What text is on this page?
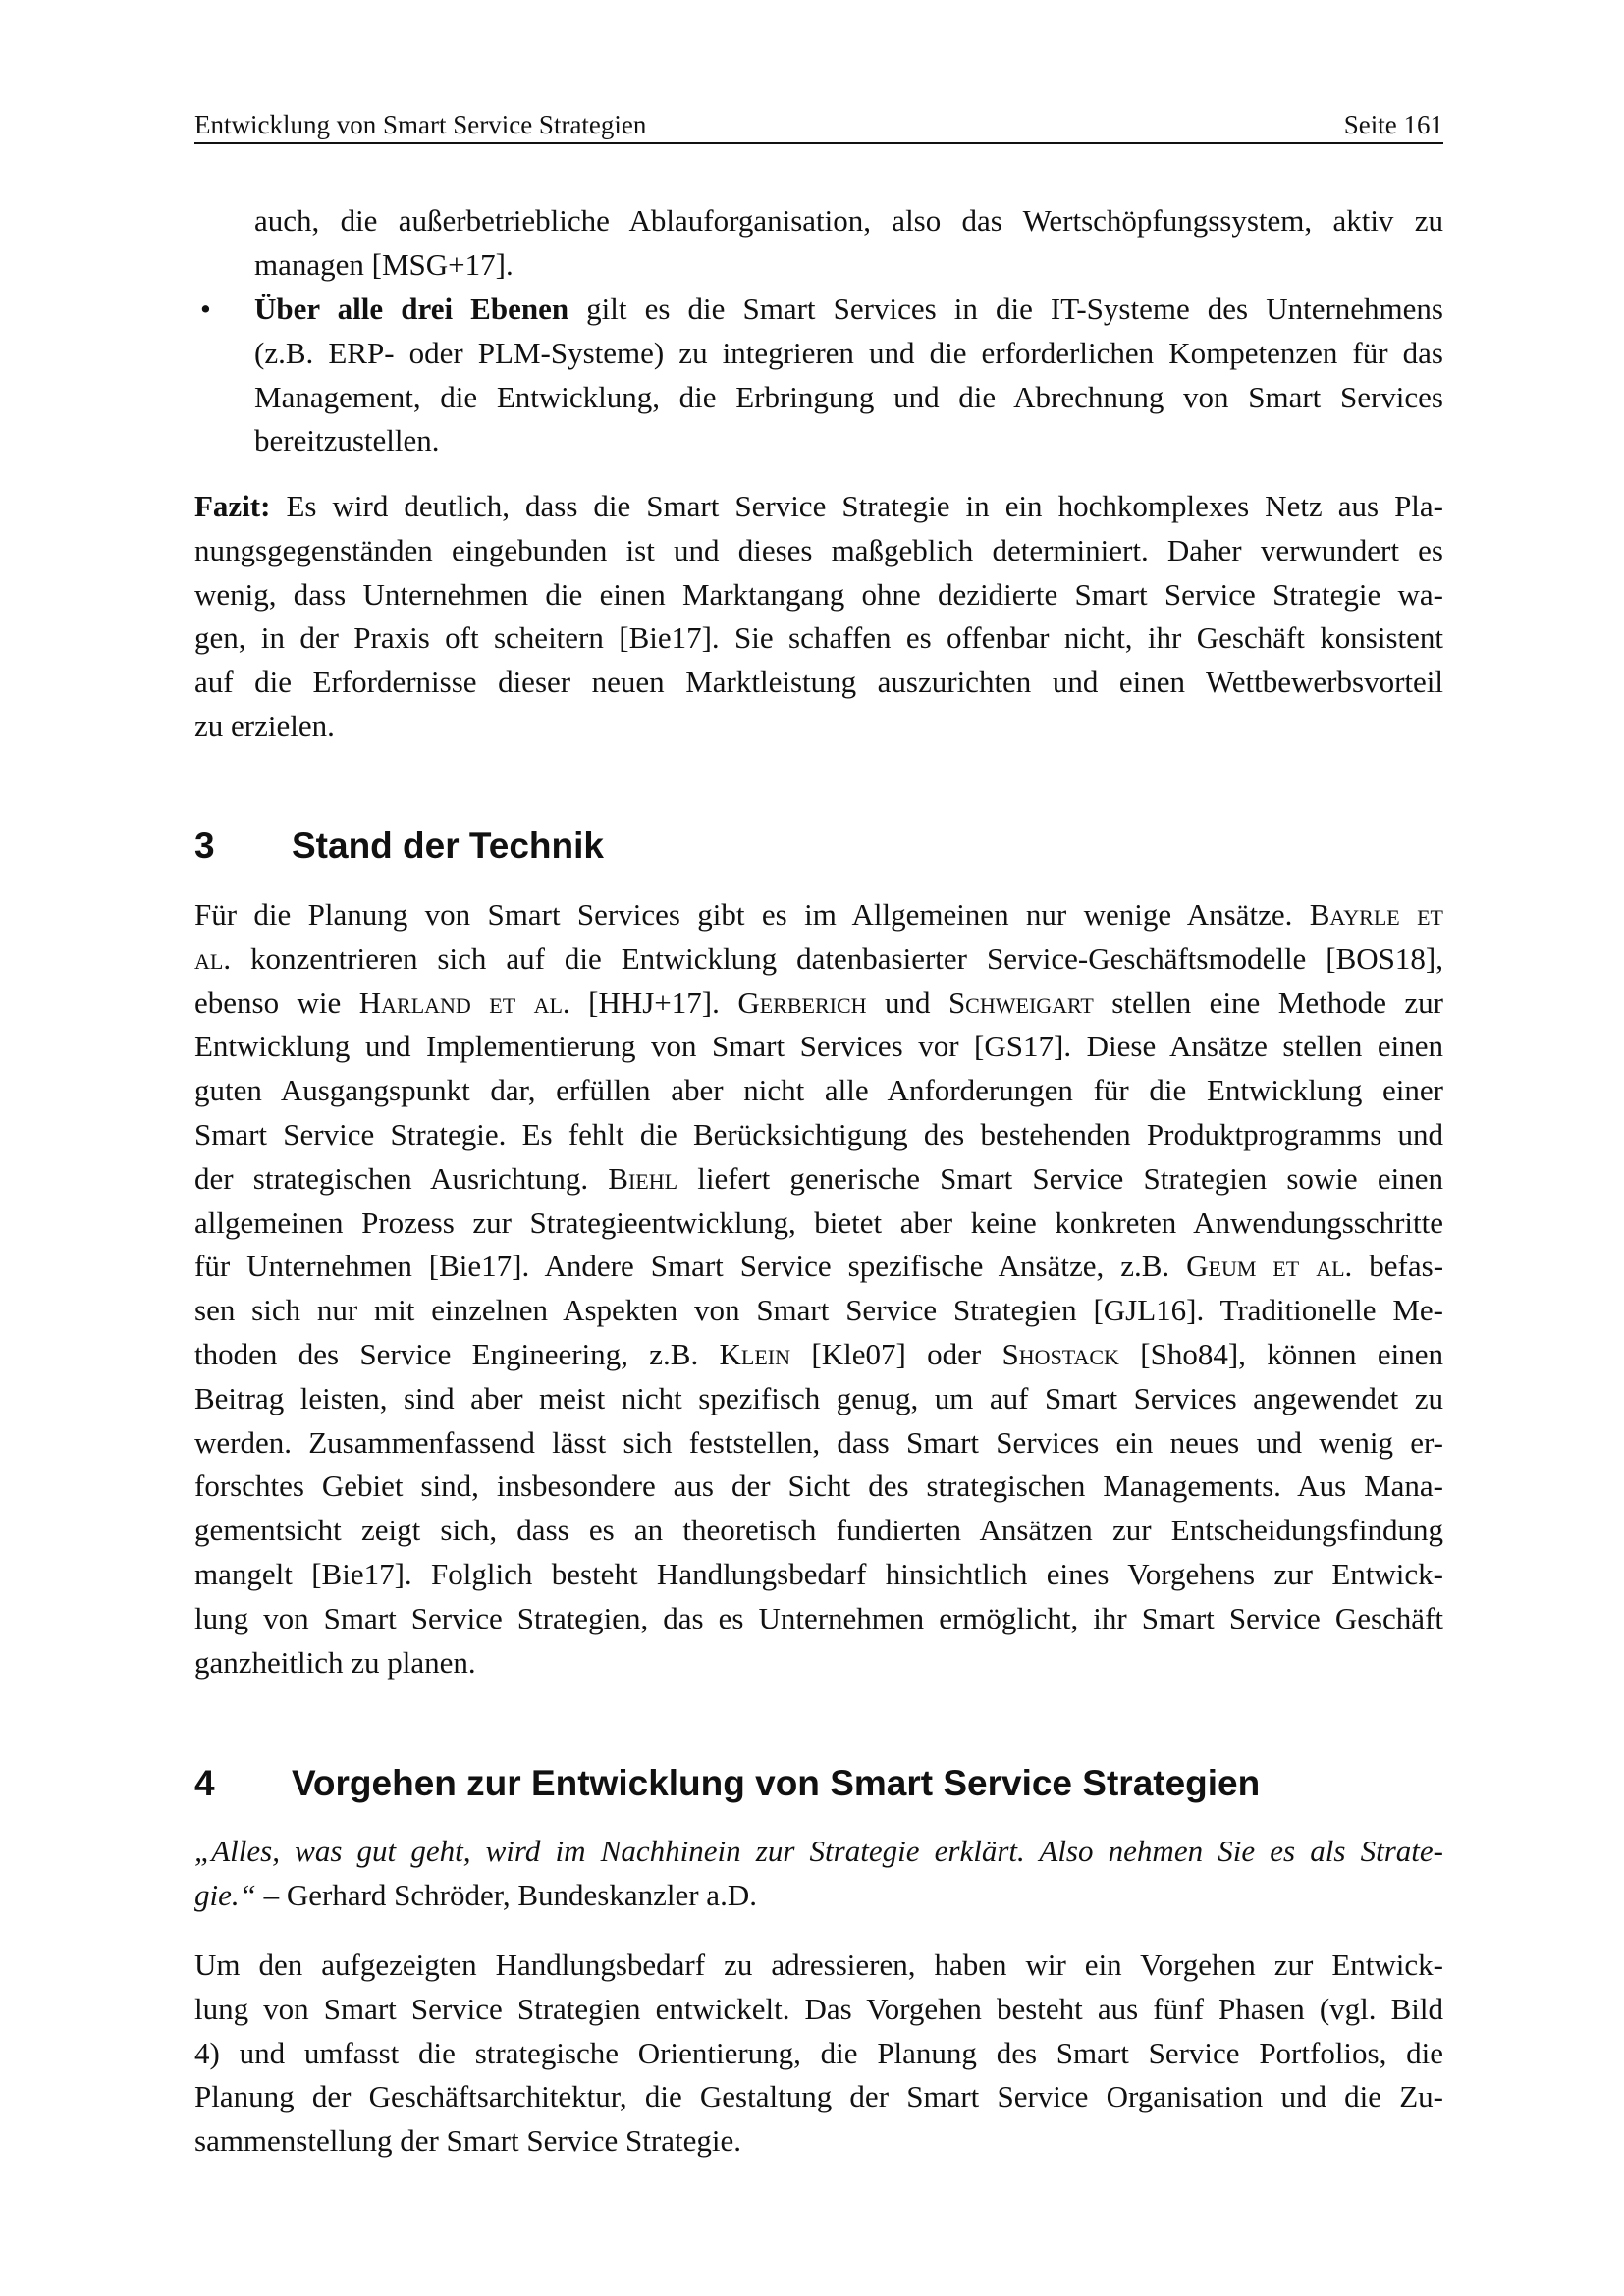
Entwicklung von Smart Service Strategien	Seite 161
auch, die außerbetriebliche Ablauforganisation, also das Wertschöpfungssystem, aktiv zu
managen [MSG+17].
• Über alle drei Ebenen gilt es die Smart Services in die IT-Systeme des Unternehmens
(z.B. ERP- oder PLM-Systeme) zu integrieren und die erforderlichen Kompetenzen für das
Management, die Entwicklung, die Erbringung und die Abrechnung von Smart Services
bereitzustellen.
Fazit: Es wird deutlich, dass die Smart Service Strategie in ein hochkomplexes Netz aus Pla-
nungsgegenständen eingebunden ist und dieses maßgeblich determiniert. Daher verwundert es
wenig, dass Unternehmen die einen Marktangang ohne dezidierte Smart Service Strategie wa-
gen, in der Praxis oft scheitern [Bie17]. Sie schaffen es offenbar nicht, ihr Geschäft konsistent
auf die Erfordernisse dieser neuen Marktleistung auszurichten und einen Wettbewerbsvorteil
zu erzielen.
3 Stand der Technik
Für die Planung von Smart Services gibt es im Allgemeinen nur wenige Ansätze. Bayrle et
al. konzentrieren sich auf die Entwicklung datenbasierter Service-Geschäftsmodelle [BOS18],
ebenso wie Harland et al. [HHJ+17]. Gerberich und Schweigart stellen eine Methode zur
Entwicklung und Implementierung von Smart Services vor [GS17]. Diese Ansätze stellen einen
guten Ausgangspunkt dar, erfüllen aber nicht alle Anforderungen für die Entwicklung einer
Smart Service Strategie. Es fehlt die Berücksichtigung des bestehenden Produktprogramms und
der strategischen Ausrichtung. Biehl liefert generische Smart Service Strategien sowie einen
allgemeinen Prozess zur Strategieentwicklung, bietet aber keine konkreten Anwendungsschritte
für Unternehmen [Bie17]. Andere Smart Service spezifische Ansätze, z.B. Geum et al. befas-
sen sich nur mit einzelnen Aspekten von Smart Service Strategien [GJL16]. Traditionelle Me-
thoden des Service Engineering, z.B. Klein [Kle07] oder Shostack [Sho84], können einen
Beitrag leisten, sind aber meist nicht spezifisch genug, um auf Smart Services angewendet zu
werden. Zusammenfassend lässt sich feststellen, dass Smart Services ein neues und wenig er-
forschtes Gebiet sind, insbesondere aus der Sicht des strategischen Managements. Aus Mana-
gementsicht zeigt sich, dass es an theoretisch fundierten Ansätzen zur Entscheidungsfindung
mangelt [Bie17]. Folglich besteht Handlungsbedarf hinsichtlich eines Vorgehens zur Entwick-
lung von Smart Service Strategien, das es Unternehmen ermöglicht, ihr Smart Service Geschäft
ganzheitlich zu planen.
4 Vorgehen zur Entwicklung von Smart Service Strategien
„Alles, was gut geht, wird im Nachhinein zur Strategie erklärt. Also nehmen Sie es als Strate-
gie.“ – Gerhard Schröder, Bundeskanzler a.D.
Um den aufgezeigten Handlungsbedarf zu adressieren, haben wir ein Vorgehen zur Entwick-
lung von Smart Service Strategien entwickelt. Das Vorgehen besteht aus fünf Phasen (vgl. Bild
4) und umfasst die strategische Orientierung, die Planung des Smart Service Portfolios, die
Planung der Geschäftsarchitektur, die Gestaltung der Smart Service Organisation und die Zu-
sammenstellung der Smart Service Strategie.
